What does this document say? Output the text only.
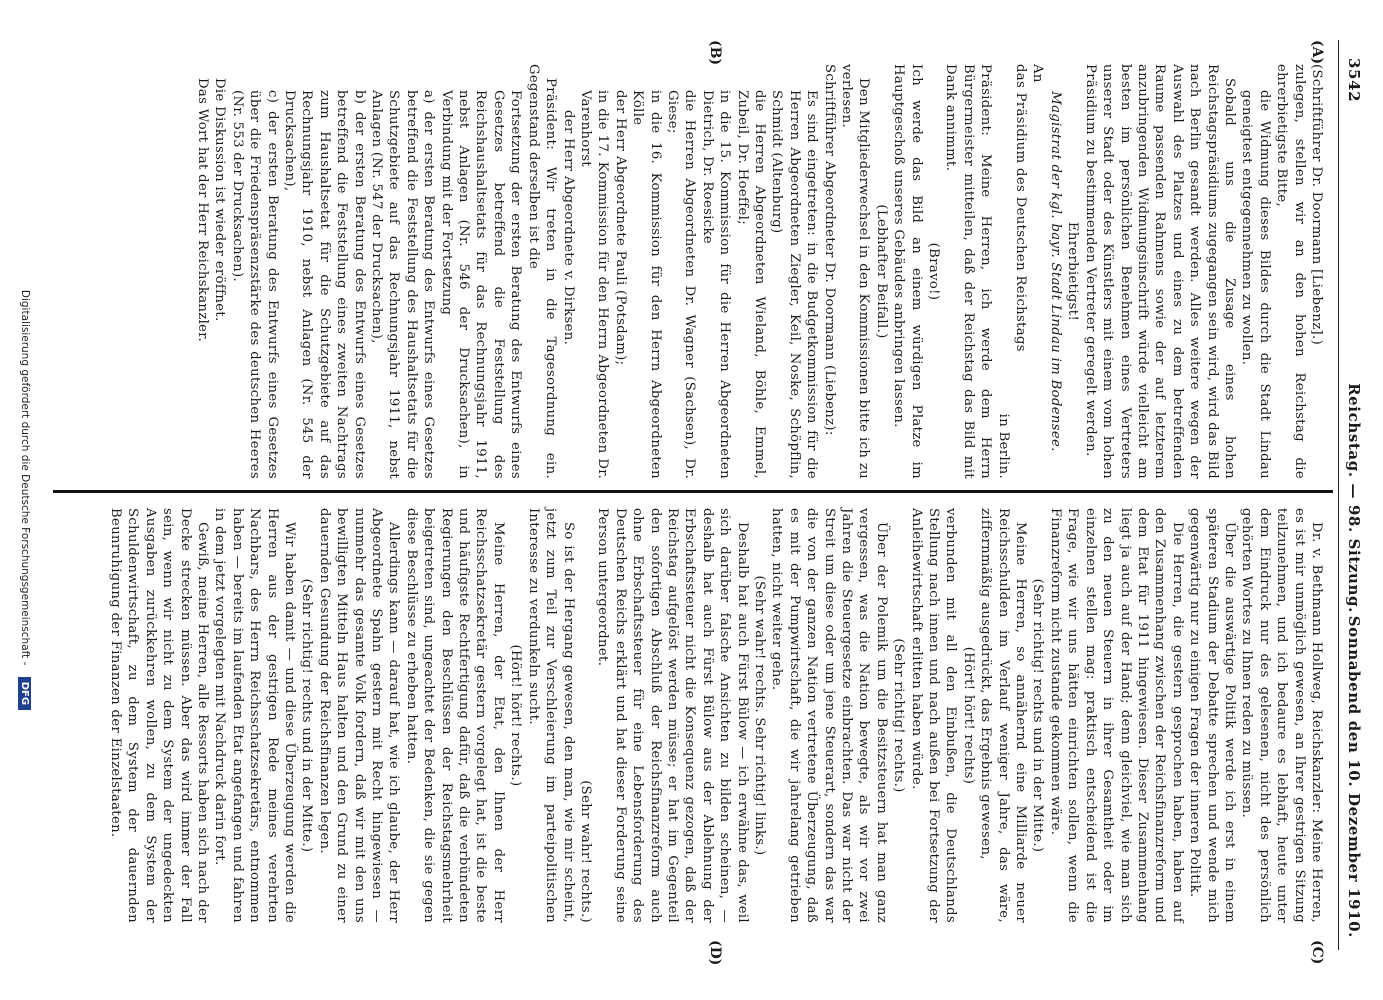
3542
Reichstag. — 98. Sitzung.
Sonnabend den 10. Dezember 1910.
(A)
(B)
(C)
(D)

(Schriftführer Dr. Doormann [Liebenz].)

zulegen, stellen wir an den hohen Reichstag die ehrerbietigste Bitte,

die Widmung dieses Bildes durch die Stadt Lindau geneigtest entgegennehmen zu wollen.

Sobald uns die Zusage eines hohen Reichstagspräsidiums zugegangen sein wird, wird das Bild nach Berlin gesandt werden. Alles weitere wegen der Auswahl des Platzes und eines zu dem betreffenden Raume passenden Rahmens sowie der auf letzterem anzubringenden Widmungsinschrift würde vielleicht am besten im persönlichen Benehmen eines Vertreters unserer Stadt oder des Künstlers mit einem vom hohen Präsidium zu bestimmenden Vertreter geregelt werden.

Ehrerbietigst!

Magistrat der kgl. bayr. Stadt Lindau im Bodensee.

An

das Präsidium des Deutschen Reichstags

in Berlin.

Präsident: Meine Herren, ich werde dem Herrn Bürgermeister mitteilen, daß der Reichstag das Bild mit Dank annimmt.

(Bravo!)

Ich werde das Bild an einem würdigen Platze im Hauptgeschoß unseres Gebäudes anbringen lassen.

(Lebhafter Beifall.)

Den Mitgliederwechsel in den Kommissionen bitte ich zu verlesen.

Schriftführer Abgeordneter Dr. Doormann (Liebenz):

Es sind eingetreten: in die Budgetkommission für die Herren Abgeordneten Ziegler, Keil, Noske, Schöpflin, Schmidt (Altenburg)

die Herren Abgeordneten Wieland, Böhle, Emmel, Zubeil, Dr. Hoeffel;

in die 15. Kommission für die Herren Abgeordneten Dietrich, Dr. Roesicke

die Herren Abgeordneten Dr. Wagner (Sachsen), Dr. Giese;

in die 16. Kommission für den Herrn Abgeordneten Kölle

der Herr Abgeordnete Pauli (Potsdam);

in die 17. Kommission für den Herrn Abgeordneten Dr. Varenhorst

der Herr Abgeordnete v. Dirksen.

Präsident: Wir treten in die Tagesordnung ein. Gegenstand derselben ist die

Fortsetzung der ersten Beratung des Entwurfs eines Gesetzes betreffend die Feststellung des Reichshaushaltsetats für das Rechnungsjahr 1911, nebst Anlagen (Nr. 546 der Drucksachen), in Verbindung mit der Fortsetzung

a) der ersten Beratung des Entwurfs eines Gesetzes betreffend die Feststellung des Haushaltsetats für die Schutzgebiete auf das Rechnungsjahr 1911, nebst Anlagen (Nr. 547 der Drucksachen),

b) der ersten Beratung des Entwurfs eines Gesetzes betreffend die Feststellung eines zweiten Nachtrags zum Haushaltsetat für die Schutzgebiete auf das Rechnungsjahr 1910, nebst Anlagen (Nr. 545 der Drucksachen),

c) der ersten Beratung des Entwurfs eines Gesetzes über die Friedenspräsenzstärke des deutschen Heeres (Nr. 553 der Drucksachen).

Die Diskussion ist wieder eröffnet.

Das Wort hat der Herr Reichskanzler.

Dr. v. Bethmann Hollweg, Reichskanzler: Meine Herren, es ist mir unmöglich gewesen, an Ihrer gestrigen Sitzung teilzunehmen, und ich bedaure es lebhaft, heute unter dem Eindruck nur des gelesenen, nicht des persönlich gehörten Wortes zu Ihnen reden zu müssen.

Über die auswärtige Politik werde ich erst in einem späteren Stadium der Debatte sprechen und wende mich gegenwärtig nur zu einigen Fragen der inneren Politik.

Die Herren, die gestern gesprochen haben, haben auf den Zusammenhang zwischen der Reichsfinanzreform und dem Etat für 1911 hingewiesen. Dieser Zusammenhang liegt ja auch auf der Hand; denn gleichviel, wie man sich zu den neuen Steuern in ihrer Gesamtheit oder im einzelnen stellen mag: praktisch entscheidend ist die Frage, wie wir uns hätten einrichten sollen, wenn die Finanzreform nicht zustande gekommen wäre.

(Sehr richtig! rechts und in der Mitte.)

Meine Herren, so annähernd eine Milliarde neuer Reichsschulden im Verlauf weniger Jahre, das wäre, ziffernmäßig ausgedrückt, das Ergebnis gewesen,

(Hört! hört! rechts)

verbunden mit all den Einbußen, die Deutschlands Stellung nach innen und nach außen bei Fortsetzung der Anleihewirtschaft erlitten haben würde.

(Sehr richtig! rechts.)

Über der Polemik um die Besitzsteuern hat man ganz vergessen, was die Nation bewegte, als wir vor zwei Jahren die Steuergesetze einbrachten. Das war nicht der Streit um diese oder um jene Steuerart, sondern das war die von der ganzen Nation vertretene Überzeugung, daß es mit der Pumpwirtschaft, die wir jahrelang getrieben hatten, nicht weiter gehe.

(Sehr wahr! rechts. Sehr richtig! links.)

Deshalb hat auch Fürst Bülow — ich erwähne das, weil sich darüber falsche Ansichten zu bilden scheinen, — deshalb hat auch Fürst Bülow aus der Ablehnung der Erbschaftssteuer nicht die Konsequenz gezogen, daß der Reichstag aufgelöst werden müsse; er hat im Gegenteil den sofortigen Abschluß der Reichsfinanzreform auch ohne Erbschaftssteuer für eine Lebensforderung des Deutschen Reichs erklärt und hat dieser Forderung seine Person untergeordnet.

(Sehr wahr! rechts.)

So ist der Hergang gewesen, den man, wie mir scheint, jetzt zum Teil zur Verschleierung im parteipolitischen Interesse zu verdunkeln sucht.

(Hört! hört! rechts.)

Meine Herren, der Etat, den Ihnen der Herr Reichsschatzsekretär gestern vorgelegt hat, ist die beste und häufigste Rechtfertigung dafür, daß die verbündeten Regierungen den Beschlüssen der Reichstagsmehrheit beigetreten sind, ungeachtet der Bedenken, die sie gegen diese Beschlüsse zu erheben hatten.

Allerdings kann — darauf hat, wie ich glaube, der Herr Abgeordnete Spahn gestern mit Recht hingewiesen — nunmehr das gesamte Volk fordern, daß wir mit den uns bewilligten Mitteln Haus halten und den Grund zu einer dauernden Gesundung der Reichsfinanzen legen.

(Sehr richtig! rechts und in der Mitte.)

Wir haben damit — und diese Überzeugung werden die Herren aus der gestrigen Rede meines verehrten Nachbars, des Herrn Reichsschatzsekretärs, entnommen haben — bereits im laufenden Etat angefangen und fahren in dem jetzt vorgelegten mit Nachdruck darin fort.

Gewiß, meine Herren, alle Ressorts haben sich nach der Decke strecken müssen. Aber das wird immer der Fall sein, wenn wir nicht zu dem System der ungedeckten Ausgaben zurückkehren wollen, zu dem System der Schuldenwirtschaft, zu dem System der dauernden Beunruhigung der Finanzen der Einzelstaaten.

Digitalisierung gefördert durch die Deutsche Forschungsgemeinschaft - DFG
